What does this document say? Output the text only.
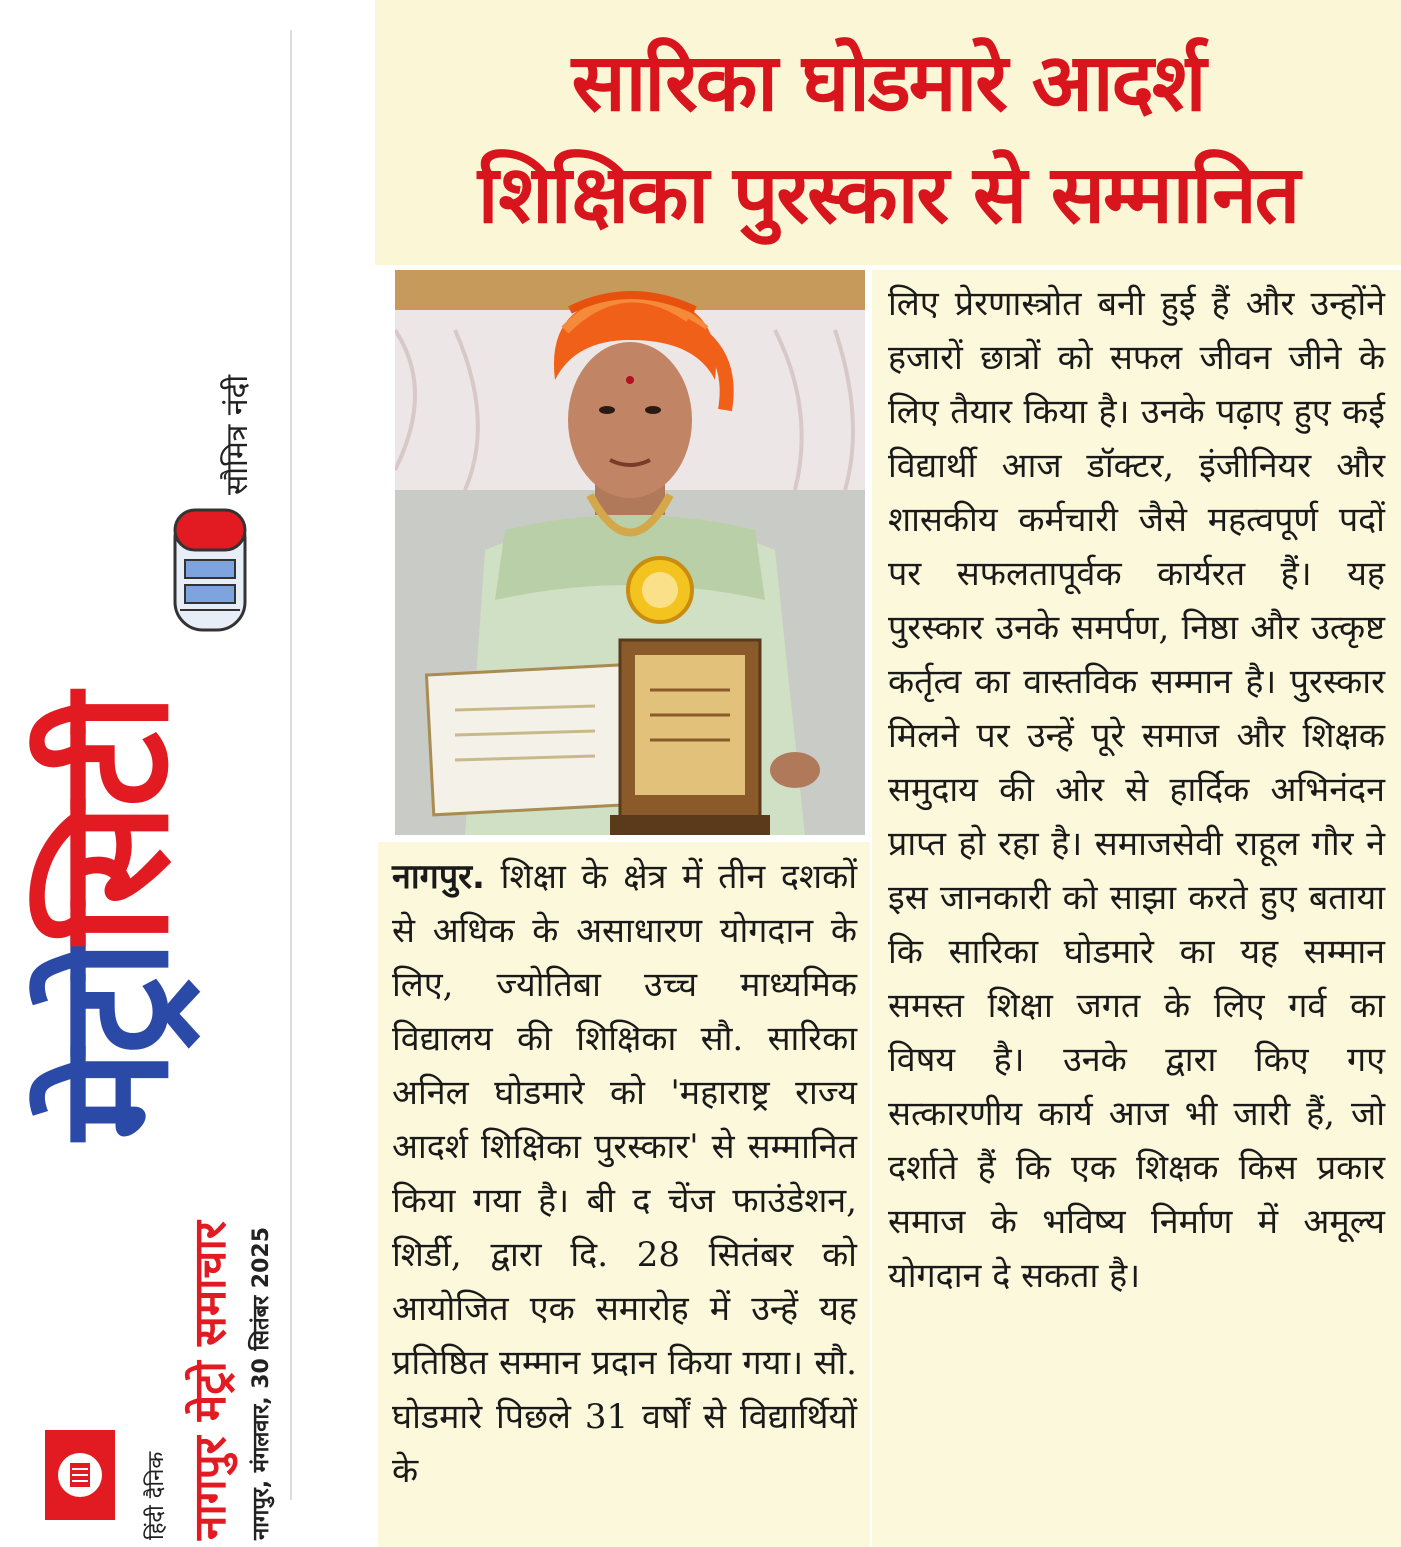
मेट्रोसिटी
सौमित्र नंदी
हिंदी दैनिक नागपुर मेट्रो समाचार नागपुर, मंगलवार, 30 सितंबर 2025
सारिका घोडमारे आदर्श
शिक्षिका पुरस्कार से सम्मानित
नागपुर. शिक्षा के क्षेत्र में तीन दशकों से अधिक के असाधारण योगदान के लिए, ज्योतिबा उच्च माध्यमिक विद्यालय की शिक्षिका सौ. सारिका अनिल घोडमारे को 'महाराष्ट्र राज्य आदर्श शिक्षिका पुरस्कार' से सम्मानित किया गया है। बी द चेंज फाउंडेशन, शिर्डी, द्वारा दि. 28 सितंबर को आयोजित एक समारोह में उन्हें यह प्रतिष्ठित सम्मान प्रदान किया गया। सौ. घोडमारे पिछले 31 वर्षों से विद्यार्थियों के
लिए प्रेरणास्त्रोत बनी हुई हैं और उन्होंने हजारों छात्रों को सफल जीवन जीने के लिए तैयार किया है। उनके पढ़ाए हुए कई विद्यार्थी आज डॉक्टर, इंजीनियर और शासकीय कर्मचारी जैसे महत्वपूर्ण पदों पर सफलतापूर्वक कार्यरत हैं। यह पुरस्कार उनके समर्पण, निष्ठा और उत्कृष्ट कर्तृत्व का वास्तविक सम्मान है। पुरस्कार मिलने पर उन्हें पूरे समाज और शिक्षक समुदाय की ओर से हार्दिक अभिनंदन प्राप्त हो रहा है। समाजसेवी राहूल गौर ने इस जानकारी को साझा करते हुए बताया कि सारिका घोडमारे का यह सम्मान समस्त शिक्षा जगत के लिए गर्व का विषय है। उनके द्वारा किए गए सत्कारणीय कार्य आज भी जारी हैं, जो दर्शाते हैं कि एक शिक्षक किस प्रकार समाज के भविष्य निर्माण में अमूल्य योगदान दे सकता है।
